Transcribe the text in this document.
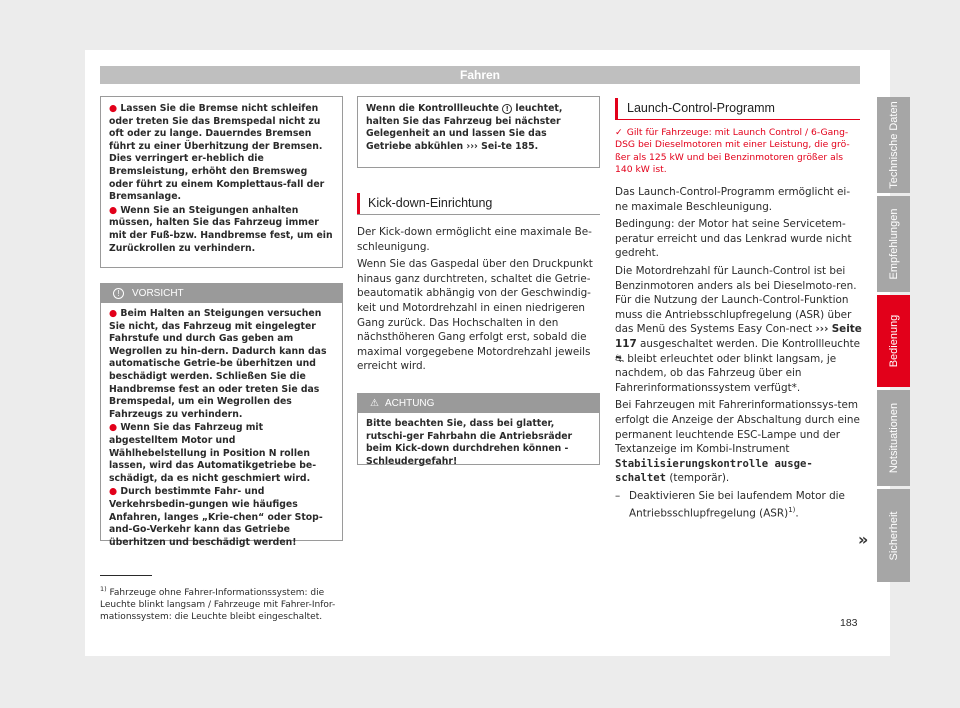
Fahren
Technische Daten
Empfehlungen
Bedienung
Notsituationen
Sicherheit
● Lassen Sie die Bremse nicht schleifen oder treten Sie das Bremspedal nicht zu oft oder zu lange. Dauerndes Bremsen führt zu einer Überhitzung der Bremsen. Dies verringert er-heblich die Bremsleistung, erhöht den Bremsweg oder führt zu einem Komplettaus-fall der Bremsanlage.
● Wenn Sie an Steigungen anhalten müssen, halten Sie das Fahrzeug immer mit der Fuß-bzw. Handbremse fest, um ein Zurückrollen zu verhindern.
! VORSICHT
● Beim Halten an Steigungen versuchen Sie nicht, das Fahrzeug mit eingelegter Fahrstufe und durch Gas geben am Wegrollen zu hin-dern. Dadurch kann das automatische Getrie-be überhitzen und beschädigt werden. Schließen Sie die Handbremse fest an oder treten Sie das Bremspedal, um ein Wegrollen des Fahrzeugs zu verhindern.
● Wenn Sie das Fahrzeug mit abgestelltem Motor und Wählhebelstellung in Position N rollen lassen, wird das Automatikgetriebe be-schädigt, da es nicht geschmiert wird.
● Durch bestimmte Fahr- und Verkehrsbedin-gungen wie häufiges Anfahren, langes „Krie-chen“ oder Stop-and-Go-Verkehr kann das Getriebe überhitzen und beschädigt werden!
Wenn die Kontrollleuchte ! leuchtet, halten Sie das Fahrzeug bei nächster Gelegenheit an und lassen Sie das Getriebe abkühlen ››› Sei-te 185.
Kick-down-Einrichtung

Der Kick-down ermöglicht eine maximale Be-schleunigung.

Wenn Sie das Gaspedal über den Druckpunkt hinaus ganz durchtreten, schaltet die Getrie-beautomatik abhängig von der Geschwindig-keit und Motordrehzahl in einen niedrigeren Gang zurück. Das Hochschalten in den nächsthöheren Gang erfolgt erst, sobald die maximal vorgegebene Motordrehzahl jeweils erreicht wird.

⚠ ACHTUNG
Bitte beachten Sie, dass bei glatter, rutschi-ger Fahrbahn die Antriebsräder beim Kick-down durchdrehen können - Schleudergefahr!
Launch-Control-Programm
✓ Gilt für Fahrzeuge: mit Launch Control / 6-Gang-DSG bei Dieselmotoren mit einer Leistung, die grö-ßer als 125 kW und bei Benzinmotoren größer als 140 kW ist.

Das Launch-Control-Programm ermöglicht ei-ne maximale Beschleunigung.

Bedingung: der Motor hat seine Servicetem-peratur erreicht und das Lenkrad wurde nicht gedreht.

Die Motordrehzahl für Launch-Control ist bei Benzinmotoren anders als bei Dieselmoto-ren. Für die Nutzung der Launch-Control-Funktion muss die Antriebsschlupfregelung (ASR) über das Menü des Systems Easy Con-nect ››› Seite 117 ausgeschaltet werden. Die Kontrollleuchte ⛐ bleibt erleuchtet oder blinkt langsam, je nachdem, ob das Fahrzeug über ein Fahrerinformationssystem verfügt*.

Bei Fahrzeugen mit Fahrerinformationssys-tem erfolgt die Anzeige der Abschaltung durch eine permanent leuchtende ESC-Lampe und der Textanzeige im Kombi-Instrument Stabilisierungskontrolle ausge-schaltet (temporär).

– Deaktivieren Sie bei laufendem Motor die Antriebsschlupfregelung (ASR)$^{1)}$.
»
$^{1)}$ Fahrzeuge ohne Fahrer-Informationssystem: die Leuchte blinkt langsam / Fahrzeuge mit Fahrer-Infor-mationssystem: die Leuchte bleibt eingeschaltet.	183
